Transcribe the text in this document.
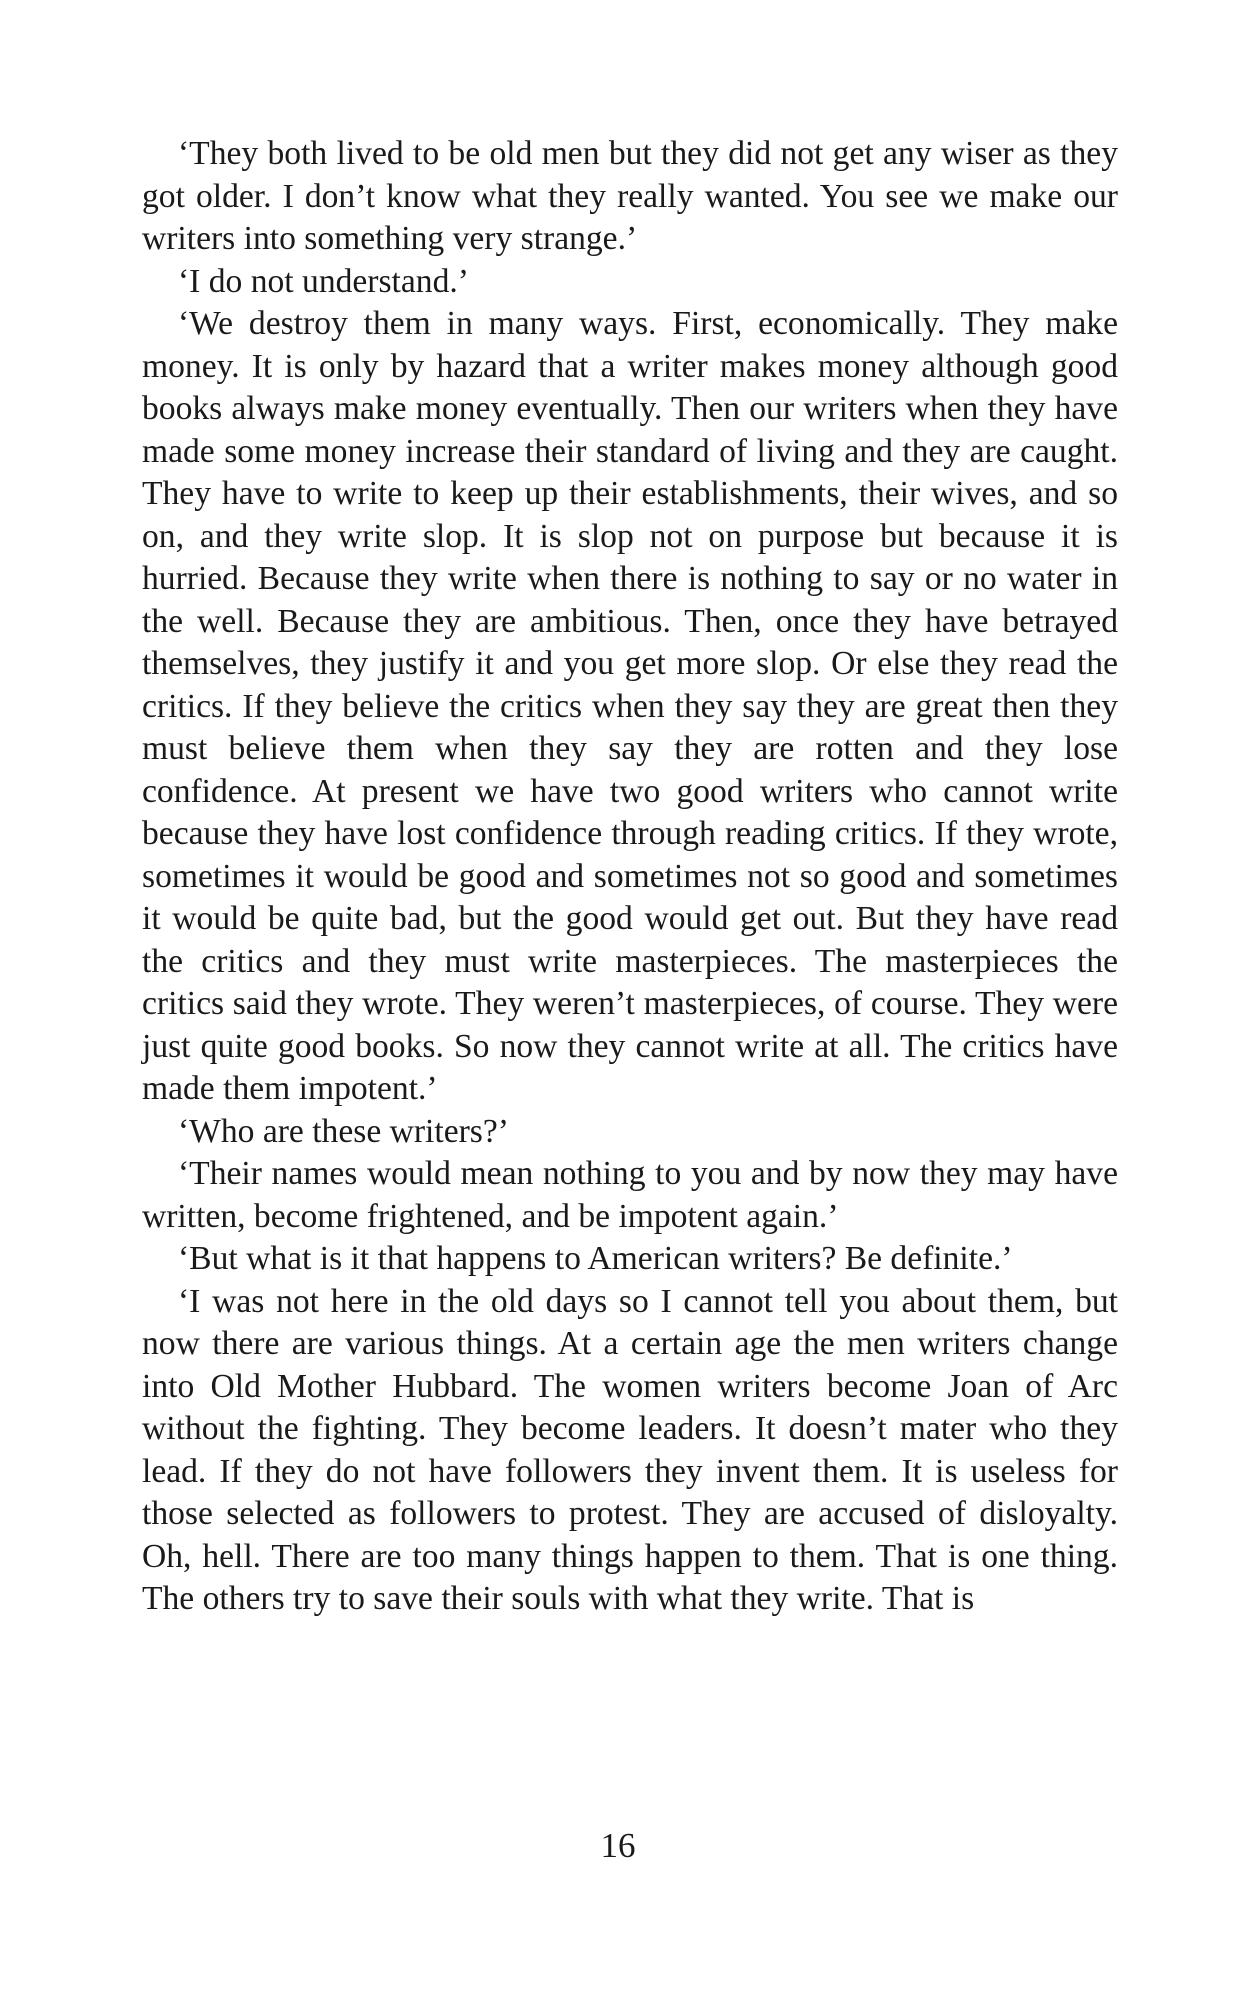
‘They both lived to be old men but they did not get any wiser as they got older. I don’t know what they really wanted. You see we make our writers into something very strange.’

‘I do not understand.’

‘We destroy them in many ways. First, economically. They make money. It is only by hazard that a writer makes money although good books always make money eventually. Then our writers when they have made some money increase their standard of living and they are caught. They have to write to keep up their establishments, their wives, and so on, and they write slop. It is slop not on purpose but because it is hurried. Because they write when there is nothing to say or no water in the well. Because they are ambitious. Then, once they have betrayed themselves, they justify it and you get more slop. Or else they read the critics. If they believe the critics when they say they are great then they must believe them when they say they are rotten and they lose confidence. At present we have two good writers who cannot write because they have lost confidence through reading critics. If they wrote, sometimes it would be good and sometimes not so good and sometimes it would be quite bad, but the good would get out. But they have read the critics and they must write masterpieces. The masterpieces the critics said they wrote. They weren’t masterpieces, of course. They were just quite good books. So now they cannot write at all. The critics have made them impotent.’

‘Who are these writers?’

‘Their names would mean nothing to you and by now they may have written, become frightened, and be impotent again.’

‘But what is it that happens to American writers? Be definite.’

‘I was not here in the old days so I cannot tell you about them, but now there are various things. At a certain age the men writers change into Old Mother Hubbard. The women writers become Joan of Arc without the fighting. They become leaders. It doesn’t mater who they lead. If they do not have followers they invent them. It is useless for those selected as followers to protest. They are accused of disloyalty. Oh, hell. There are too many things happen to them. That is one thing. The others try to save their souls with what they write. That is

16
